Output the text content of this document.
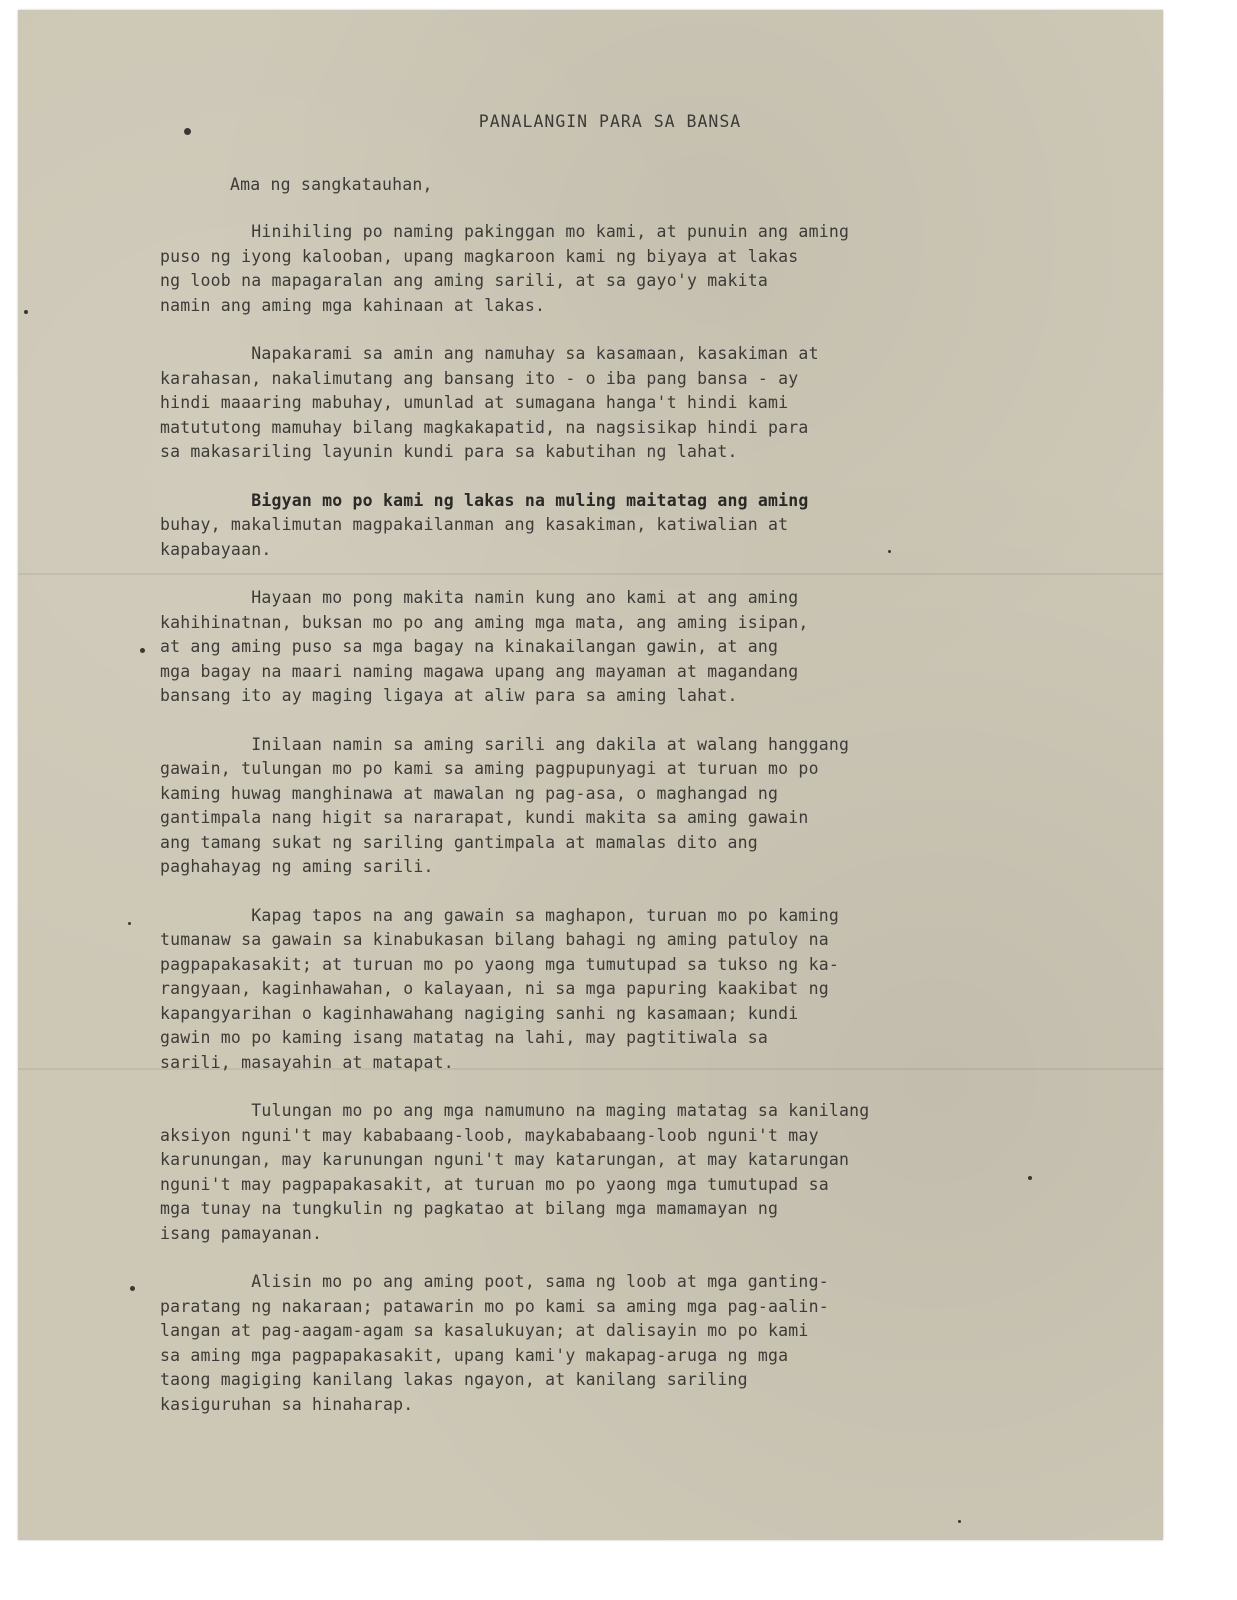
PANALANGIN PARA SA BANSA
Ama ng sangkatauhan,
Hinihiling po naming pakinggan mo kami, at punuin ang aming
puso ng iyong kalooban, upang magkaroon kami ng biyaya at lakas
ng loob na mapagaralan ang aming sarili, at sa gayo'y makita
namin ang aming mga kahinaan at lakas.
Napakarami sa amin ang namuhay sa kasamaan, kasakiman at
karahasan, nakalimutang ang bansang ito - o iba pang bansa - ay
hindi maaaring mabuhay, umunlad at sumagana hanga't hindi kami
matututong mamuhay bilang magkakapatid, na nagsisikap hindi para
sa makasariling layunin kundi para sa kabutihan ng lahat.
Bigyan mo po kami ng lakas na muling maitatag ang aming
buhay, makalimutan magpakailanman ang kasakiman, katiwalian at
kapabayaan.
Hayaan mo pong makita namin kung ano kami at ang aming
kahihinatnan, buksan mo po ang aming mga mata, ang aming isipan,
at ang aming puso sa mga bagay na kinakailangan gawin, at ang
mga bagay na maari naming magawa upang ang mayaman at magandang
bansang ito ay maging ligaya at aliw para sa aming lahat.
Inilaan namin sa aming sarili ang dakila at walang hanggang
gawain, tulungan mo po kami sa aming pagpupunyagi at turuan mo po
kaming huwag manghinawa at mawalan ng pag-asa, o maghangad ng
gantimpala nang higit sa nararapat, kundi makita sa aming gawain
ang tamang sukat ng sariling gantimpala at mamalas dito ang
paghahayag ng aming sarili.
Kapag tapos na ang gawain sa maghapon, turuan mo po kaming
tumanaw sa gawain sa kinabukasan bilang bahagi ng aming patuloy na
pagpapakasakit; at turuan mo po yaong mga tumutupad sa tukso ng ka-
rangyaan, kaginhawahan, o kalayaan, ni sa mga papuring kaakibat ng
kapangyarihan o kaginhawahang nagiging sanhi ng kasamaan; kundi
gawin mo po kaming isang matatag na lahi, may pagtitiwala sa
sarili, masayahin at matapat.
Tulungan mo po ang mga namumuno na maging matatag sa kanilang
aksiyon nguni't may kababaang-loob, maykababaang-loob nguni't may
karunungan, may karunungan nguni't may katarungan, at may katarungan
nguni't may pagpapakasakit, at turuan mo po yaong mga tumutupad sa
mga tunay na tungkulin ng pagkatao at bilang mga mamamayan ng
isang pamayanan.
Alisin mo po ang aming poot, sama ng loob at mga ganting-
paratang ng nakaraan; patawarin mo po kami sa aming mga pag-aalin-
langan at pag-aagam-agam sa kasalukuyan; at dalisayin mo po kami
sa aming mga pagpapakasakit, upang kami'y makapag-aruga ng mga
taong magiging kanilang lakas ngayon, at kanilang sariling
kasiguruhan sa hinaharap.
